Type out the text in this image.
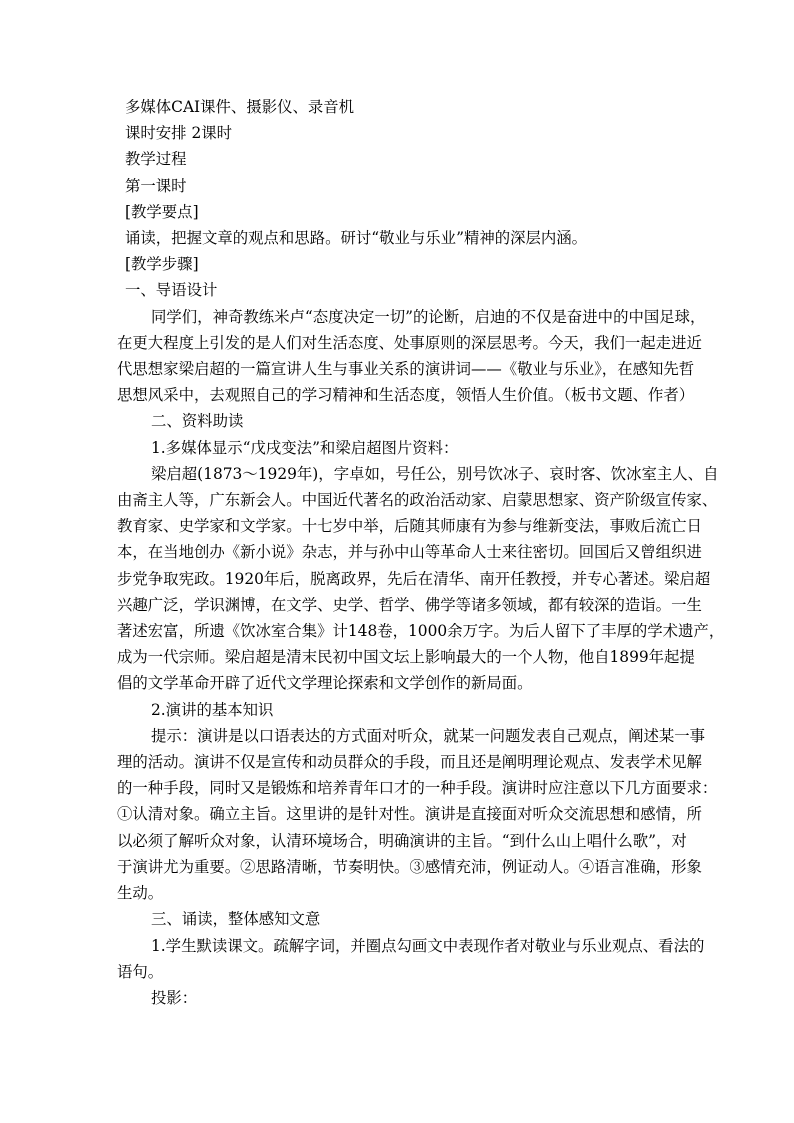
多媒体CAI课件、摄影仪、录音机

课时安排 2课时

教学过程

第一课时

[教学要点]

诵读，把握文章的观点和思路。研讨“敬业与乐业”精神的深层内涵。

[教学步骤]

一、导语设计

同学们，神奇教练米卢“态度决定一切”的论断，启迪的不仅是奋进中的中国足球，
在更大程度上引发的是人们对生活态度、处事原则的深层思考。今天，我们一起走进近
代思想家梁启超的一篇宣讲人生与事业关系的演讲词——《敬业与乐业》，在感知先哲
思想风采中，去观照自己的学习精神和生活态度，领悟人生价值。（板书文题、作者）

二、资料助读

1.多媒体显示“戊戌变法”和梁启超图片资料：

梁启超(1873～1929年)，字卓如，号任公，别号饮冰子、哀时客、饮冰室主人、自
由斋主人等，广东新会人。中国近代著名的政治活动家、启蒙思想家、资产阶级宣传家、
教育家、史学家和文学家。十七岁中举，后随其师康有为参与维新变法，事败后流亡日
本，在当地创办《新小说》杂志，并与孙中山等革命人士来往密切。回国后又曾组织进
步党争取宪政。1920年后，脱离政界，先后在清华、南开任教授，并专心著述。梁启超
兴趣广泛，学识渊博，在文学、史学、哲学、佛学等诸多领域，都有较深的造诣。一生
著述宏富，所遗《饮冰室合集》计148卷，1000余万字。为后人留下了丰厚的学术遗产，
成为一代宗师。梁启超是清末民初中国文坛上影响最大的一个人物，他自1899年起提
倡的文学革命开辟了近代文学理论探索和文学创作的新局面。

2.演讲的基本知识

提示：演讲是以口语表达的方式面对听众，就某一问题发表自己观点，阐述某一事
理的活动。演讲不仅是宣传和动员群众的手段，而且还是阐明理论观点、发表学术见解
的一种手段，同时又是锻炼和培养青年口才的一种手段。演讲时应注意以下几方面要求：
①认清对象。确立主旨。这里讲的是针对性。演讲是直接面对听众交流思想和感情，所
以必须了解听众对象，认清环境场合，明确演讲的主旨。“到什么山上唱什么歌”，对
于演讲尤为重要。②思路清晰，节奏明快。③感情充沛，例证动人。④语言准确，形象
生动。

三、诵读，整体感知文意

1.学生默读课文。疏解字词，并圈点勾画文中表现作者对敬业与乐业观点、看法的
语句。

投影：
